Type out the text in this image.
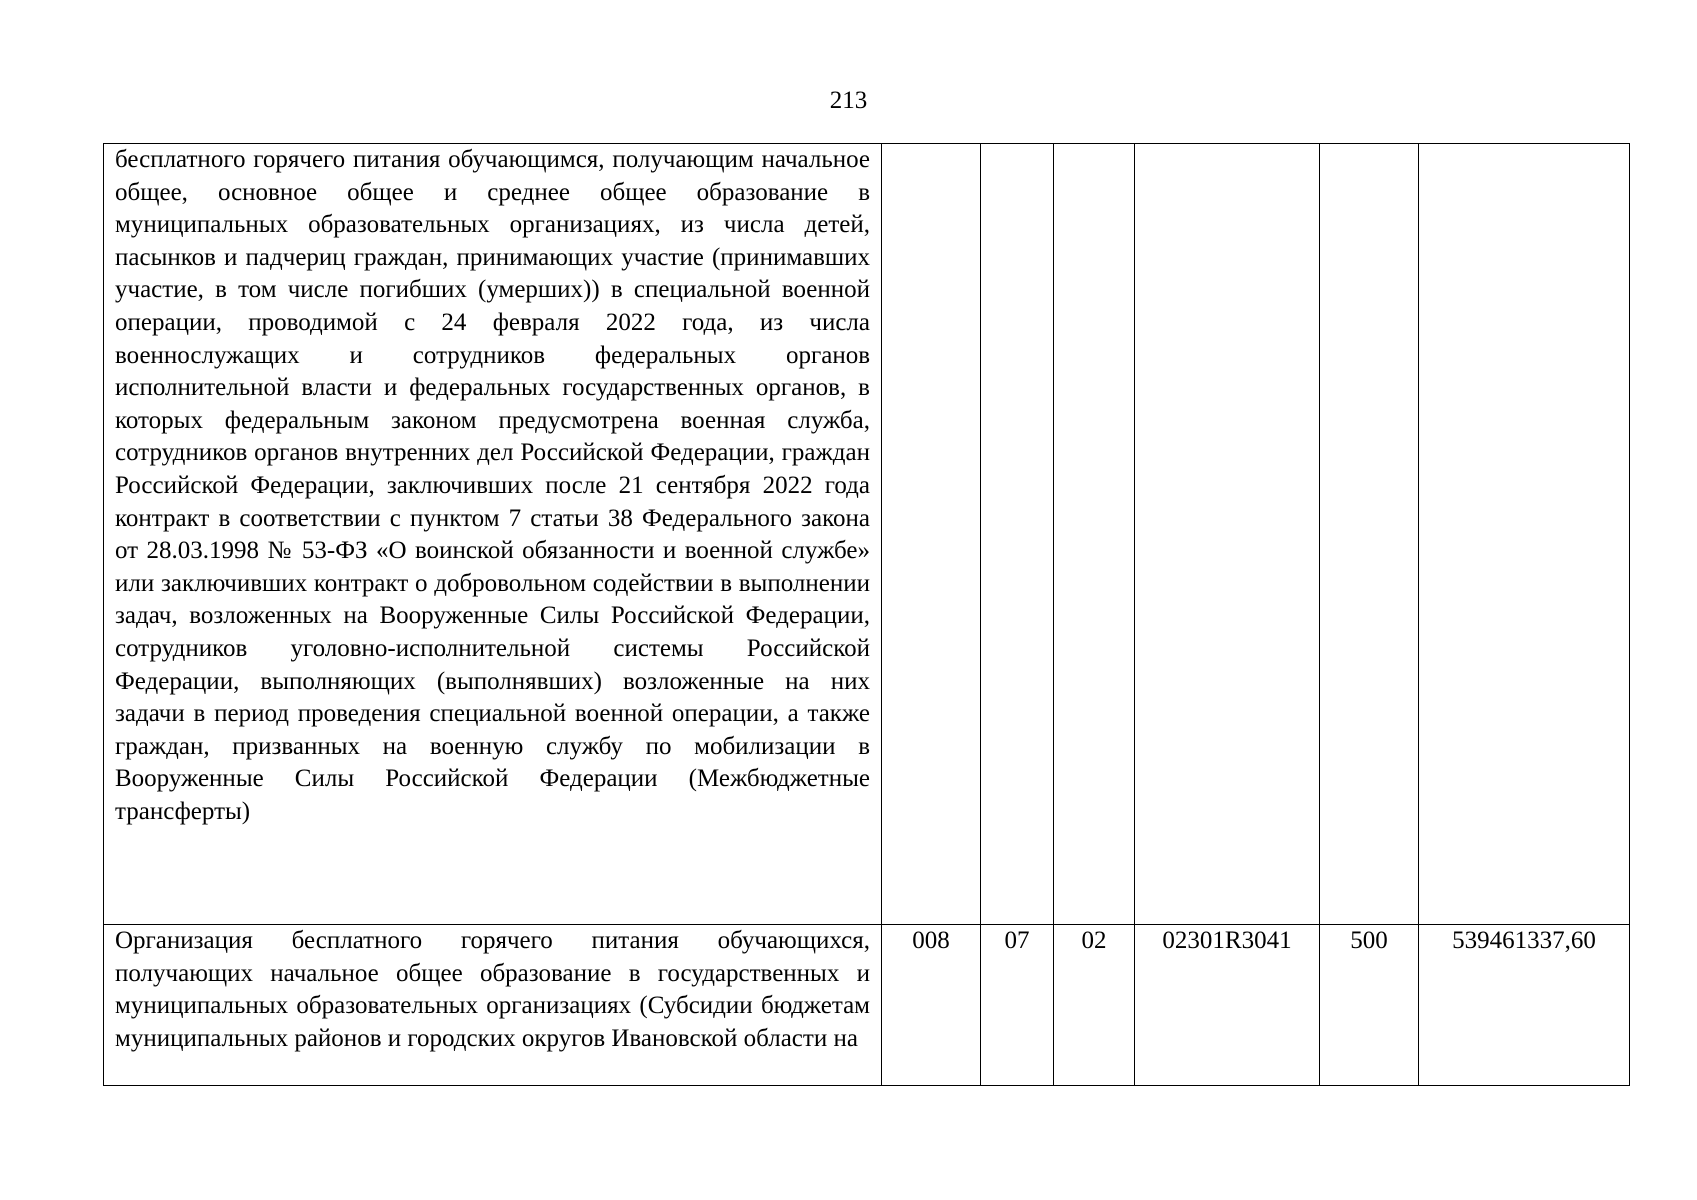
213
бесплатного горячего питания обучающимся, получающим начальное общее, основное общее и среднее общее образование в муниципальных образовательных организациях, из числа детей, пасынков и падчериц граждан, принимающих участие (принимавших участие, в том числе погибших (умерших)) в специальной военной операции, проводимой с 24 февраля 2022 года, из числа военнослужащих и сотрудников федеральных органов исполнительной власти и федеральных государственных органов, в которых федеральным законом предусмотрена военная служба, сотрудников органов внутренних дел Российской Федерации, граждан Российской Федерации, заключивших после 21 сентября 2022 года контракт в соответствии с пунктом 7 статьи 38 Федерального закона от 28.03.1998 № 53-ФЗ «О воинской обязанности и военной службе» или заключивших контракт о добровольном содействии в выполнении задач, возложенных на Вооруженные Силы Российской Федерации, сотрудников уголовно-исполнительной системы Российской Федерации, выполняющих (выполнявших) возложенные на них задачи в период проведения специальной военной операции, а также граждан, призванных на военную службу по мобилизации в Вооруженные Силы Российской Федерации (Межбюджетные трансферты)						
Организация бесплатного горячего питания обучающихся, получающих начальное общее образование в государственных и муниципальных образовательных организациях (Субсидии бюджетам муниципальных районов и городских округов Ивановской области на	008	07	02	02301R3041	500	539461337,60
